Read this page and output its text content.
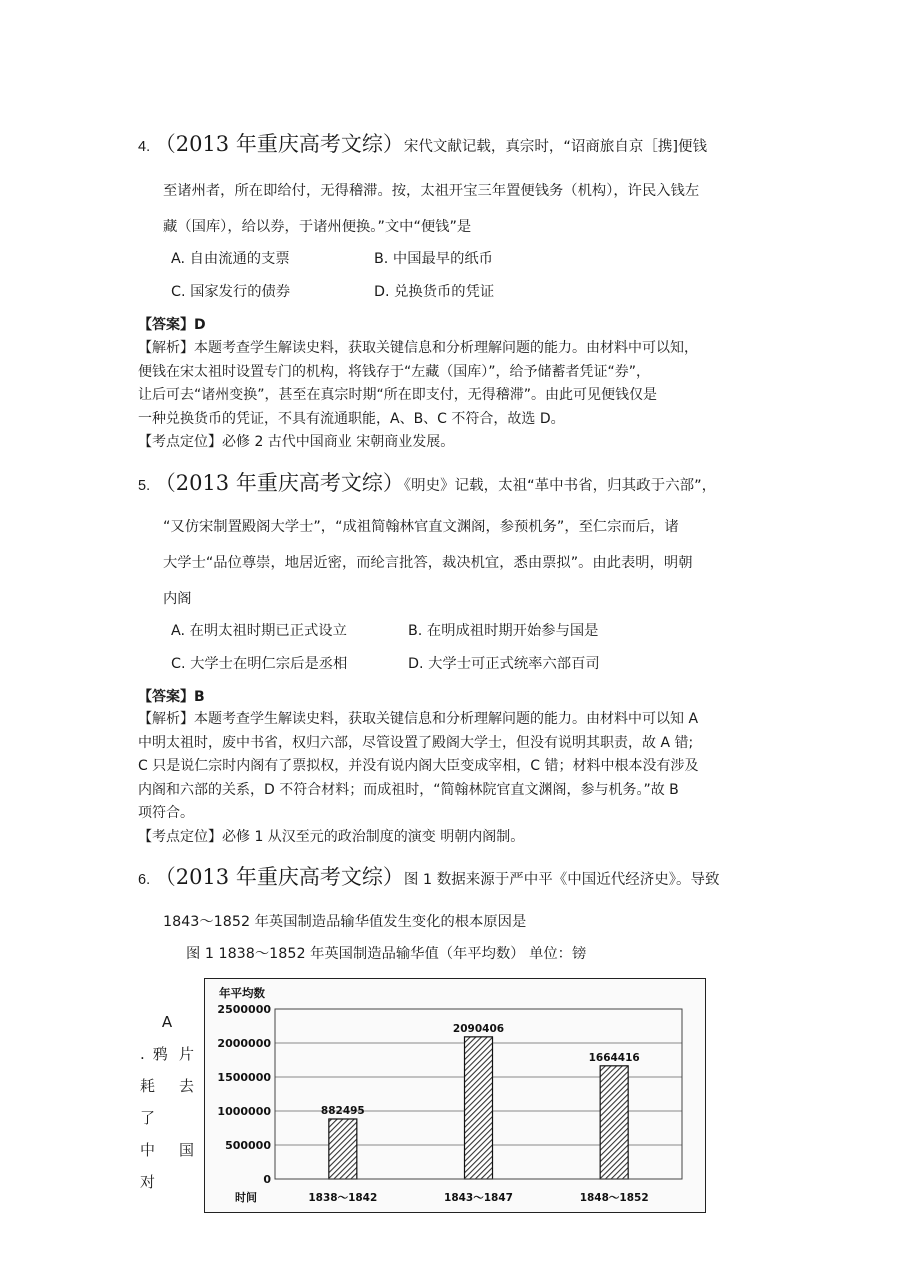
4. （2013 年重庆高考文综）宋代文献记载，真宗时，“诏商旅自京［携]便钱
至诸州者，所在即给付，无得稽滞。按，太祖开宝三年置便钱务（机构），许民入钱左
藏（国库），给以券，于诸州便换。”文中“便钱”是
A. 自由流通的支票	B. 中国最早的纸币
C. 国家发行的债券	D. 兑换货币的凭证
【答案】D
【解析】本题考查学生解读史料，获取关键信息和分析理解问题的能力。由材料中可以知，
便钱在宋太祖时设置专门的机构，将钱存于“左藏（国库）”，给予储蓄者凭证“券”，
让后可去“诸州变换”，甚至在真宗时期“所在即支付，无得稽滞”。由此可见便钱仅是
一种兑换货币的凭证，不具有流通职能，A、B、C 不符合，故选 D。
【考点定位】必修 2 古代中国商业 宋朝商业发展。
5. （2013 年重庆高考文综）《明史》记载，太祖“革中书省，归其政于六部”，
“又仿宋制置殿阁大学士”，“成祖简翰林官直文渊阁，参预机务”，至仁宗而后，诸
大学士“品位尊崇，地居近密，而纶言批答，裁决机宜，悉由票拟”。由此表明，明朝
内阁
A. 在明太祖时期已正式设立	B. 在明成祖时期开始参与国是
C. 大学士在明仁宗后是丞相	D. 大学士可正式统率六部百司
【答案】B
【解析】本题考查学生解读史料，获取关键信息和分析理解问题的能力。由材料中可以知 A
中明太祖时，废中书省，权归六部，尽管设置了殿阁大学士，但没有说明其职责，故 A 错;
C 只是说仁宗时内阁有了票拟权，并没有说内阁大臣变成宰相，C 错；材料中根本没有涉及
内阁和六部的关系，D 不符合材料；而成祖时，“简翰林院官直文渊阁，参与机务。”故 B
项符合。
【考点定位】必修 1 从汉至元的政治制度的演变 明朝内阁制。
6. （2013 年重庆高考文综）图 1 数据来源于严中平《中国近代经济史》。导致
1843～1852 年英国制造品输华值发生变化的根本原因是
图 1 1838～1852 年英国制造品输华值（年平均数） 单位：镑
A
. 鸦 片
耗 去 了
中 国 对
年平均数
时间
0
500000
1000000
1500000
2000000
2500000
882495
2090406
1664416
1838～1842	1843～1847	1848～1852
